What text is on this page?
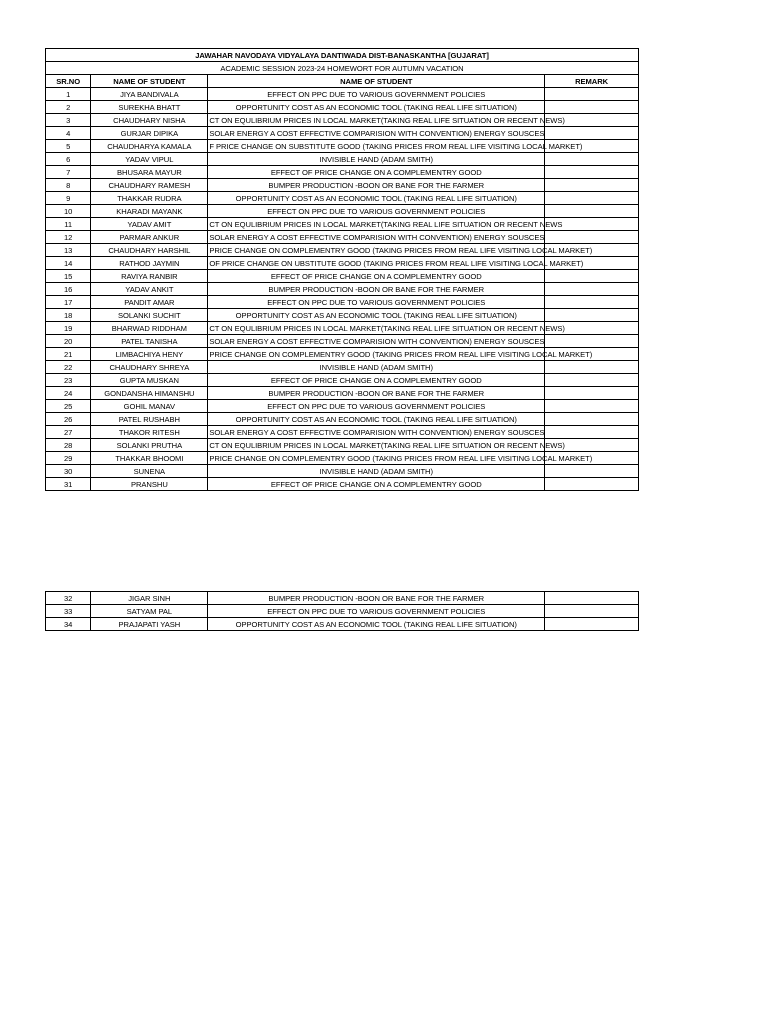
JAWAHAR NAVODAYA VIDYALAYA DANTIWADA DIST-BANASKANTHA [GUJARAT]			
ACADEMIC SESSION 2023-24 HOMEWORT FOR AUTUMN VACATION			
SR.NO	NAME OF STUDENT	NAME OF STUDENT	REMARK
1	JIYA BANDIVALA	EFFECT ON PPC DUE TO VARIOUS GOVERNMENT POLICIES	
2	SUREKHA BHATT	OPPORTUNITY COST AS AN ECONOMIC TOOL (TAKING REAL LIFE SITUATION)	
3	CHAUDHARY NISHA	CT ON EQULIBRIUM PRICES IN LOCAL MARKET(TAKING REAL LIFE SITUATION OR RECENT NEWS)	
4	GURJAR DIPIKA	SOLAR ENERGY A COST EFFECTIVE COMPARISION WITH CONVENTION) ENERGY SOUSCES	
5	CHAUDHARYA KAMALA	F PRICE CHANGE ON SUBSTITUTE GOOD (TAKING PRICES FROM REAL LIFE VISITING LOCAL MARKET)	
6	YADAV VIPUL	INVISIBLE HAND (ADAM SMITH)	
7	BHUSARA MAYUR	EFFECT OF PRICE CHANGE ON A COMPLEMENTRY GOOD	
8	CHAUDHARY RAMESH	BUMPER PRODUCTION -BOON OR BANE FOR THE FARMER	
9	THAKKAR RUDRA	OPPORTUNITY COST AS AN ECONOMIC TOOL (TAKING REAL LIFE SITUATION)	
10	KHARADI MAYANK	EFFECT ON PPC DUE TO VARIOUS GOVERNMENT POLICIES	
11	YADAV AMIT	CT ON EQULIBRIUM PRICES IN LOCAL MARKET(TAKING REAL LIFE SITUATION OR RECENT NEWS	
12	PARMAR ANKUR	SOLAR ENERGY A COST EFFECTIVE COMPARISION WITH CONVENTION) ENERGY SOUSCES	
13	CHAUDHARY HARSHIL	PRICE CHANGE ON COMPLEMENTRY GOOD (TAKING PRICES FROM REAL LIFE VISITING LOCAL MARKET)	
14	RATHOD JAYMIN	OF PRICE CHANGE ON UBSTITUTE GOOD (TAKING PRICES FROM REAL LIFE VISITING LOCAL MARKET)	
15	RAVIYA RANBIR	EFFECT OF PRICE CHANGE ON A COMPLEMENTRY GOOD	
16	YADAV ANKIT	BUMPER PRODUCTION -BOON OR BANE FOR THE FARMER	
17	PANDIT AMAR	EFFECT ON PPC DUE TO VARIOUS GOVERNMENT POLICIES	
18	SOLANKI SUCHIT	OPPORTUNITY COST AS AN ECONOMIC TOOL (TAKING REAL LIFE SITUATION)	
19	BHARWAD RIDDHAM	CT ON EQULIBRIUM PRICES IN LOCAL MARKET(TAKING REAL LIFE SITUATION OR RECENT NEWS)	
20	PATEL TANISHA	SOLAR ENERGY A COST EFFECTIVE COMPARISION WITH CONVENTION) ENERGY SOUSCES	
21	LIMBACHIYA HENY	PRICE CHANGE ON COMPLEMENTRY GOOD (TAKING PRICES FROM REAL LIFE VISITING LOCAL MARKET)	
22	CHAUDHARY SHREYA	INVISIBLE HAND (ADAM SMITH)	
23	GUPTA MUSKAN	EFFECT OF PRICE CHANGE ON A COMPLEMENTRY GOOD	
24	GONDANSHA HIMANSHU	BUMPER PRODUCTION -BOON OR BANE FOR THE FARMER	
25	GOHIL MANAV	EFFECT ON PPC DUE TO VARIOUS GOVERNMENT POLICIES	
26	PATEL RUSHABH	OPPORTUNITY COST AS AN ECONOMIC TOOL (TAKING REAL LIFE SITUATION)	
27	THAKOR RITESH	SOLAR ENERGY A COST EFFECTIVE COMPARISION WITH CONVENTION) ENERGY SOUSCES	
28	SOLANKI PRUTHA	CT ON EQULIBRIUM PRICES IN LOCAL MARKET(TAKING REAL LIFE SITUATION OR RECENT NEWS)	
29	THAKKAR BHOOMI	PRICE CHANGE ON COMPLEMENTRY GOOD (TAKING PRICES FROM REAL LIFE VISITING LOCAL MARKET)	
30	SUNENA	INVISIBLE HAND (ADAM SMITH)	
31	PRANSHU	EFFECT OF PRICE CHANGE ON A COMPLEMENTRY GOOD	
32	JIGAR SINH	BUMPER PRODUCTION -BOON OR BANE FOR THE FARMER	
33	SATYAM PAL	EFFECT ON PPC DUE TO VARIOUS GOVERNMENT POLICIES	
34	PRAJAPATI YASH	OPPORTUNITY COST AS AN ECONOMIC TOOL (TAKING REAL LIFE SITUATION)	
